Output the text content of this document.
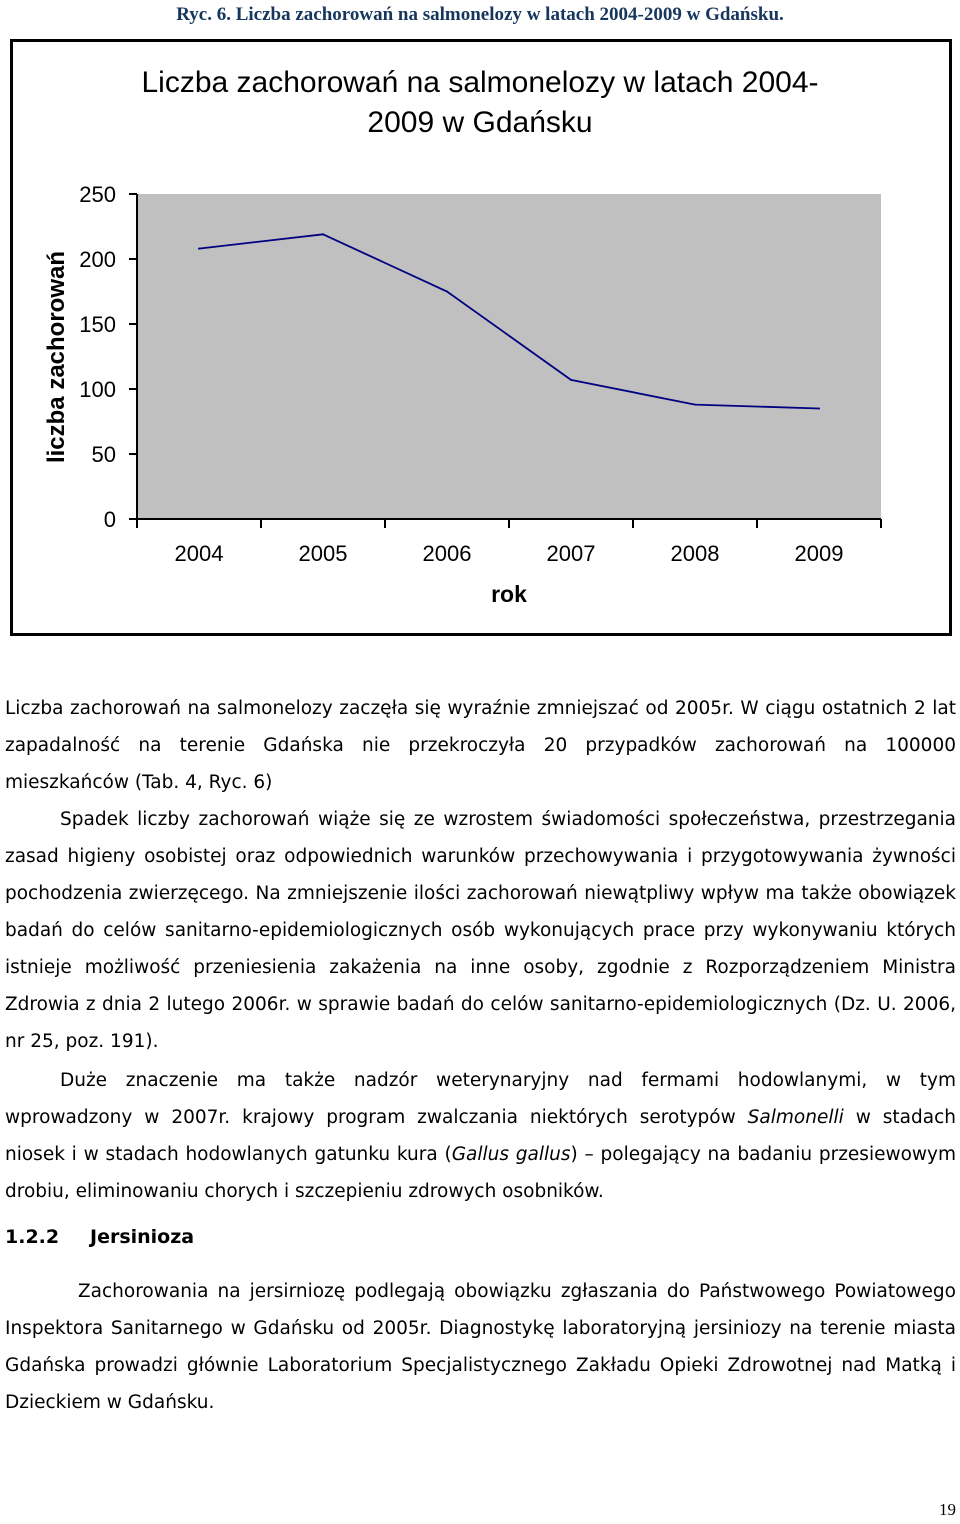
Ryc. 6. Liczba zachorowań na salmonelozy w latach 2004-2009 w Gdańsku.
Liczba zachorowań na salmonelozy w latach 2004-
2009 w Gdańsku
0
50
100
150
200
250
2004	2005	2006	2007	2008	2009
liczba zachorowań
rok

Liczba zachorowań na salmonelozy zaczęła się wyraźnie zmniejszać od 2005r. W ciągu ostatnich 2 lat zapadalność na terenie Gdańska nie przekroczyła 20 przypadków zachorowań na 100000 mieszkańców (Tab. 4, Ryc. 6)

Spadek liczby zachorowań wiąże się ze wzrostem świadomości społeczeństwa, przestrzegania zasad higieny osobistej oraz odpowiednich warunków przechowywania i przygotowywania żywności pochodzenia zwierzęcego. Na zmniejszenie ilości zachorowań niewątpliwy wpływ ma także obowiązek badań do celów sanitarno-epidemiologicznych osób wykonujących prace przy wykonywaniu których istnieje możliwość przeniesienia zakażenia na inne osoby, zgodnie z Rozporządzeniem Ministra Zdrowia z dnia 2 lutego 2006r. w sprawie badań do celów sanitarno-epidemiologicznych (Dz. U. 2006, nr 25, poz. 191).

Duże znaczenie ma także nadzór weterynaryjny nad fermami hodowlanymi, w tym wprowadzony w 2007r. krajowy program zwalczania niektórych serotypów Salmonelli w stadach niosek i w stadach hodowlanych gatunku kura (Gallus gallus) – polegający na badaniu przesiewowym drobiu, eliminowaniu chorych i szczepieniu zdrowych osobników.

1.2.2 Jersinioza

Zachorowania na jersirniozę podlegają obowiązku zgłaszania do Państwowego Powiatowego Inspektora Sanitarnego w Gdańsku od 2005r. Diagnostykę laboratoryjną jersiniozy na terenie miasta Gdańska prowadzi głównie Laboratorium Specjalistycznego Zakładu Opieki Zdrowotnej nad Matką i Dzieckiem w Gdańsku.

19
